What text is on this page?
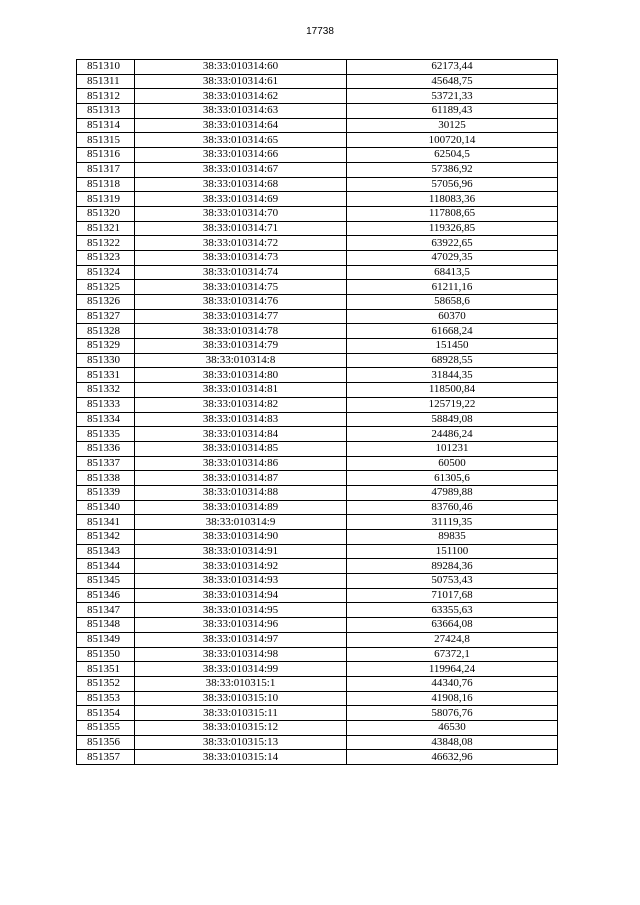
17738
851310	38:33:010314:60	62173,44
851311	38:33:010314:61	45648,75
851312	38:33:010314:62	53721,33
851313	38:33:010314:63	61189,43
851314	38:33:010314:64	30125
851315	38:33:010314:65	100720,14
851316	38:33:010314:66	62504,5
851317	38:33:010314:67	57386,92
851318	38:33:010314:68	57056,96
851319	38:33:010314:69	118083,36
851320	38:33:010314:70	117808,65
851321	38:33:010314:71	119326,85
851322	38:33:010314:72	63922,65
851323	38:33:010314:73	47029,35
851324	38:33:010314:74	68413,5
851325	38:33:010314:75	61211,16
851326	38:33:010314:76	58658,6
851327	38:33:010314:77	60370
851328	38:33:010314:78	61668,24
851329	38:33:010314:79	151450
851330	38:33:010314:8	68928,55
851331	38:33:010314:80	31844,35
851332	38:33:010314:81	118500,84
851333	38:33:010314:82	125719,22
851334	38:33:010314:83	58849,08
851335	38:33:010314:84	24486,24
851336	38:33:010314:85	101231
851337	38:33:010314:86	60500
851338	38:33:010314:87	61305,6
851339	38:33:010314:88	47989,88
851340	38:33:010314:89	83760,46
851341	38:33:010314:9	31119,35
851342	38:33:010314:90	89835
851343	38:33:010314:91	151100
851344	38:33:010314:92	89284,36
851345	38:33:010314:93	50753,43
851346	38:33:010314:94	71017,68
851347	38:33:010314:95	63355,63
851348	38:33:010314:96	63664,08
851349	38:33:010314:97	27424,8
851350	38:33:010314:98	67372,1
851351	38:33:010314:99	119964,24
851352	38:33:010315:1	44340,76
851353	38:33:010315:10	41908,16
851354	38:33:010315:11	58076,76
851355	38:33:010315:12	46530
851356	38:33:010315:13	43848,08
851357	38:33:010315:14	46632,96
